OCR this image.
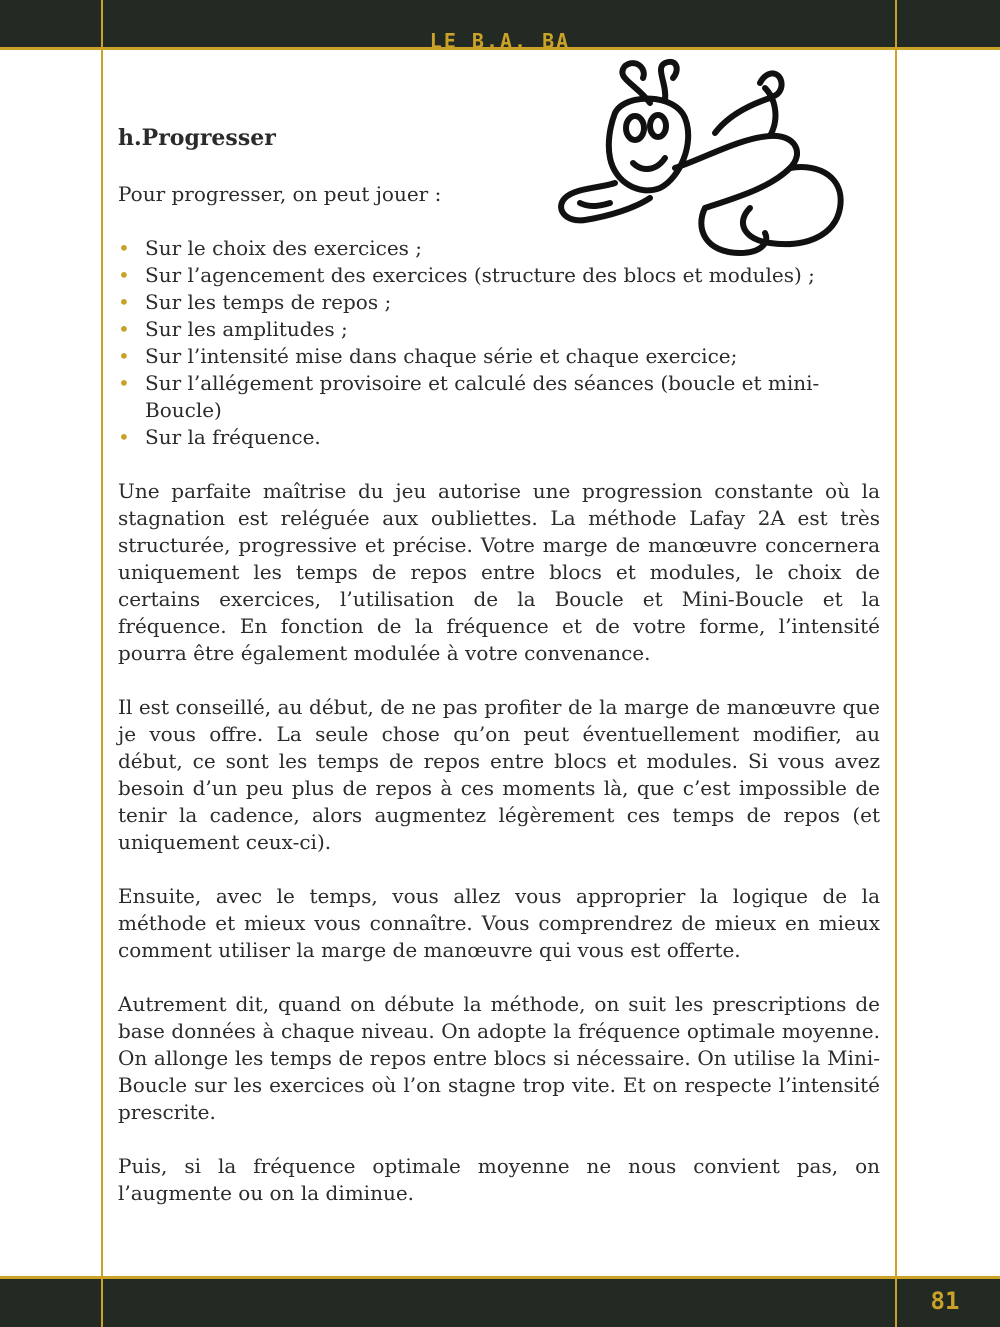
LE B.A. BA
h.Progresser

Pour progresser, on peut jouer :

• Sur le choix des exercices ;
• Sur l’agencement des exercices (structure des blocs et modules) ;
• Sur les temps de repos ;
• Sur les amplitudes ;
• Sur l’intensité mise dans chaque série et chaque exercice;
• Sur l’allégement provisoire et calculé des séances (boucle et mini-Boucle)
• Sur la fréquence.

Une parfaite maîtrise du jeu autorise une progression constante où la stagnation est reléguée aux oubliettes. La méthode Lafay 2A est très structurée, progressive et précise. Votre marge de manœuvre concernera uniquement les temps de repos entre blocs et modules, le choix de certains exercices, l’utilisation de la Boucle et Mini-Boucle et la fréquence. En fonction de la fréquence et de votre forme, l’intensité pourra être également modulée à votre convenance.

Il est conseillé, au début, de ne pas profiter de la marge de manœuvre que je vous offre. La seule chose qu’on peut éventuellement modifier, au début, ce sont les temps de repos entre blocs et modules. Si vous avez besoin d’un peu plus de repos à ces moments là, que c’est impossible de tenir la cadence, alors augmentez légèrement ces temps de repos (et uniquement ceux-ci).

Ensuite, avec le temps, vous allez vous approprier la logique de la méthode et mieux vous connaître. Vous comprendrez de mieux en mieux comment utiliser la marge de manœuvre qui vous est offerte.

Autrement dit, quand on débute la méthode, on suit les prescriptions de base données à chaque niveau. On adopte la fréquence optimale moyenne. On allonge les temps de repos entre blocs si nécessaire. On utilise la Mini-Boucle sur les exercices où l’on stagne trop vite. Et on respecte l’intensité prescrite.

Puis, si la fréquence optimale moyenne ne nous convient pas, on l’augmente ou on la diminue.

81
